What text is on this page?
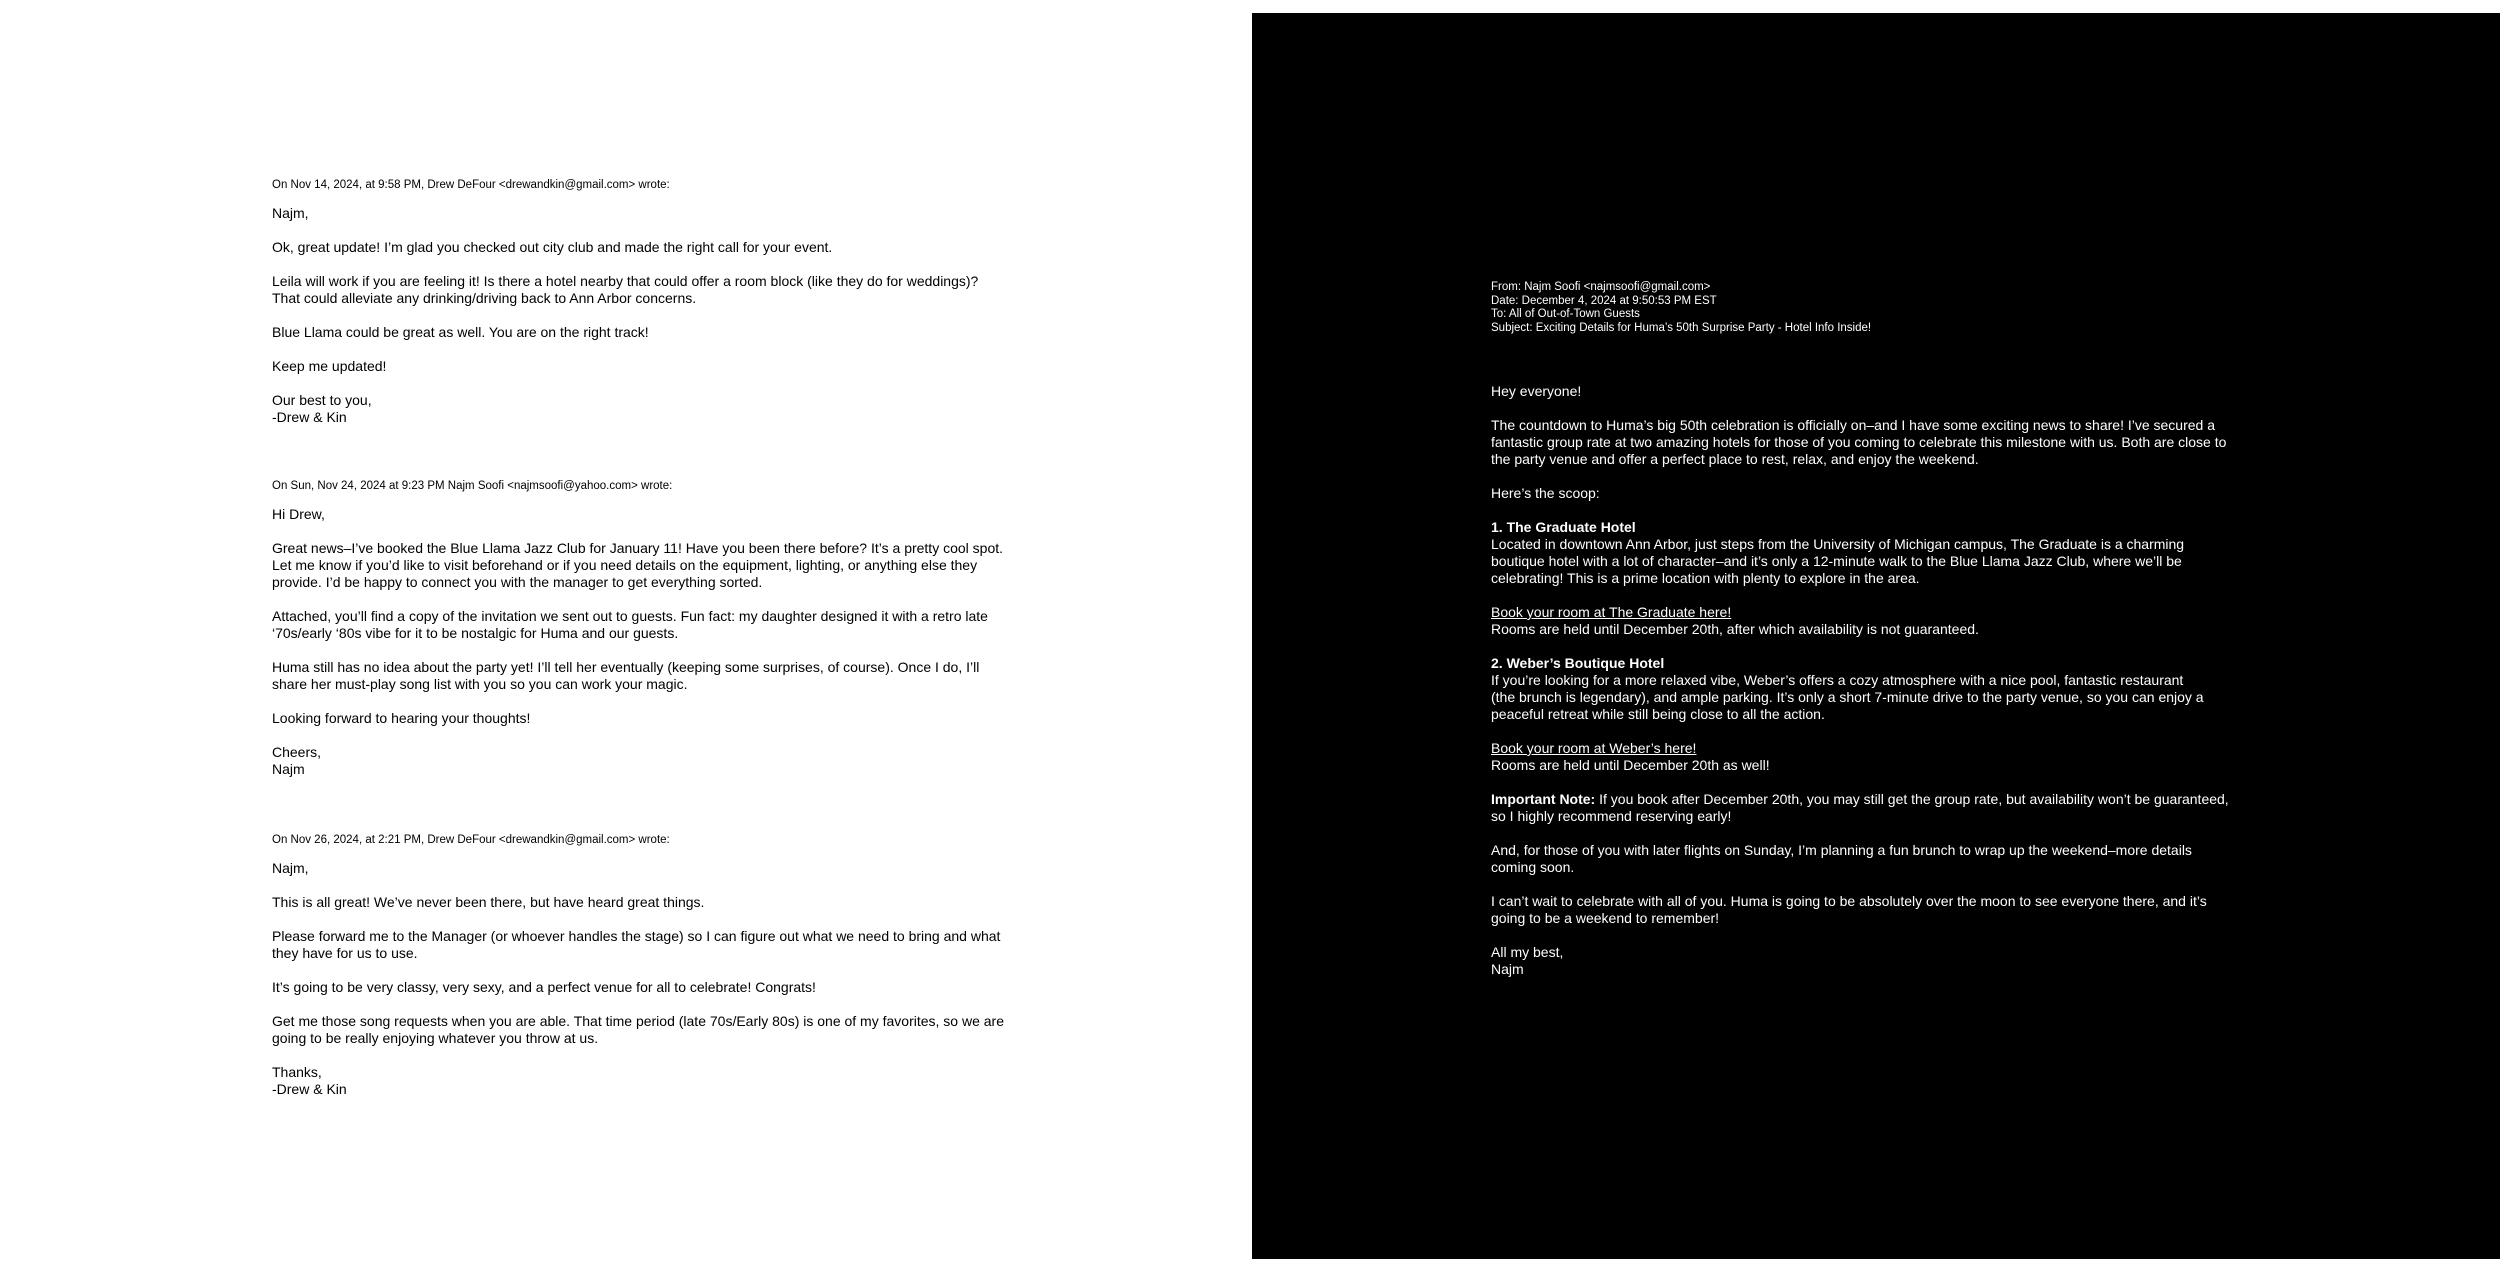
On Nov 14, 2024, at 9:58 PM, Drew DeFour <drewandkin@gmail.com> wrote:

Najm,

Ok, great update! I’m glad you checked out city club and made the right call for your event.

Leila will work if you are feeling it! Is there a hotel nearby that could offer a room block (like they do for weddings)?
That could alleviate any drinking/driving back to Ann Arbor concerns.

Blue Llama could be great as well. You are on the right track!

Keep me updated!

Our best to you,
-Drew & Kin

On Sun, Nov 24, 2024 at 9:23 PM Najm Soofi <najmsoofi@yahoo.com> wrote:

Hi Drew,

Great news–I’ve booked the Blue Llama Jazz Club for January 11! Have you been there before? It’s a pretty cool spot.
Let me know if you’d like to visit beforehand or if you need details on the equipment, lighting, or anything else they
provide. I’d be happy to connect you with the manager to get everything sorted.

Attached, you’ll find a copy of the invitation we sent out to guests. Fun fact: my daughter designed it with a retro late
‘70s/early ‘80s vibe for it to be nostalgic for Huma and our guests.

Huma still has no idea about the party yet! I’ll tell her eventually (keeping some surprises, of course). Once I do, I’ll
share her must-play song list with you so you can work your magic.

Looking forward to hearing your thoughts!

Cheers,
Najm

On Nov 26, 2024, at 2:21 PM, Drew DeFour <drewandkin@gmail.com> wrote:

Najm,

This is all great! We’ve never been there, but have heard great things.

Please forward me to the Manager (or whoever handles the stage) so I can figure out what we need to bring and what
they have for us to use.

It’s going to be very classy, very sexy, and a perfect venue for all to celebrate! Congrats!

Get me those song requests when you are able. That time period (late 70s/Early 80s) is one of my favorites, so we are
going to be really enjoying whatever you throw at us.

Thanks,
-Drew & Kin

From: Najm Soofi <najmsoofi@gmail.com>
Date: December 4, 2024 at 9:50:53 PM EST
To: All of Out-of-Town Guests
Subject: Exciting Details for Huma’s 50th Surprise Party - Hotel Info Inside!

Hey everyone!

The countdown to Huma’s big 50th celebration is officially on–and I have some exciting news to share! I’ve secured a
fantastic group rate at two amazing hotels for those of you coming to celebrate this milestone with us. Both are close to
the party venue and offer a perfect place to rest, relax, and enjoy the weekend.

Here’s the scoop:

1. The Graduate Hotel
Located in downtown Ann Arbor, just steps from the University of Michigan campus, The Graduate is a charming
boutique hotel with a lot of character–and it’s only a 12-minute walk to the Blue Llama Jazz Club, where we’ll be
celebrating! This is a prime location with plenty to explore in the area.

Book your room at The Graduate here!
Rooms are held until December 20th, after which availability is not guaranteed.

2. Weber’s Boutique Hotel
If you’re looking for a more relaxed vibe, Weber’s offers a cozy atmosphere with a nice pool, fantastic restaurant
(the brunch is legendary), and ample parking. It’s only a short 7-minute drive to the party venue, so you can enjoy a
peaceful retreat while still being close to all the action.

Book your room at Weber’s here!
Rooms are held until December 20th as well!

Important Note: If you book after December 20th, you may still get the group rate, but availability won’t be guaranteed,
so I highly recommend reserving early!

And, for those of you with later flights on Sunday, I’m planning a fun brunch to wrap up the weekend–more details
coming soon.

I can’t wait to celebrate with all of you. Huma is going to be absolutely over the moon to see everyone there, and it’s
going to be a weekend to remember!

All my best,
Najm
